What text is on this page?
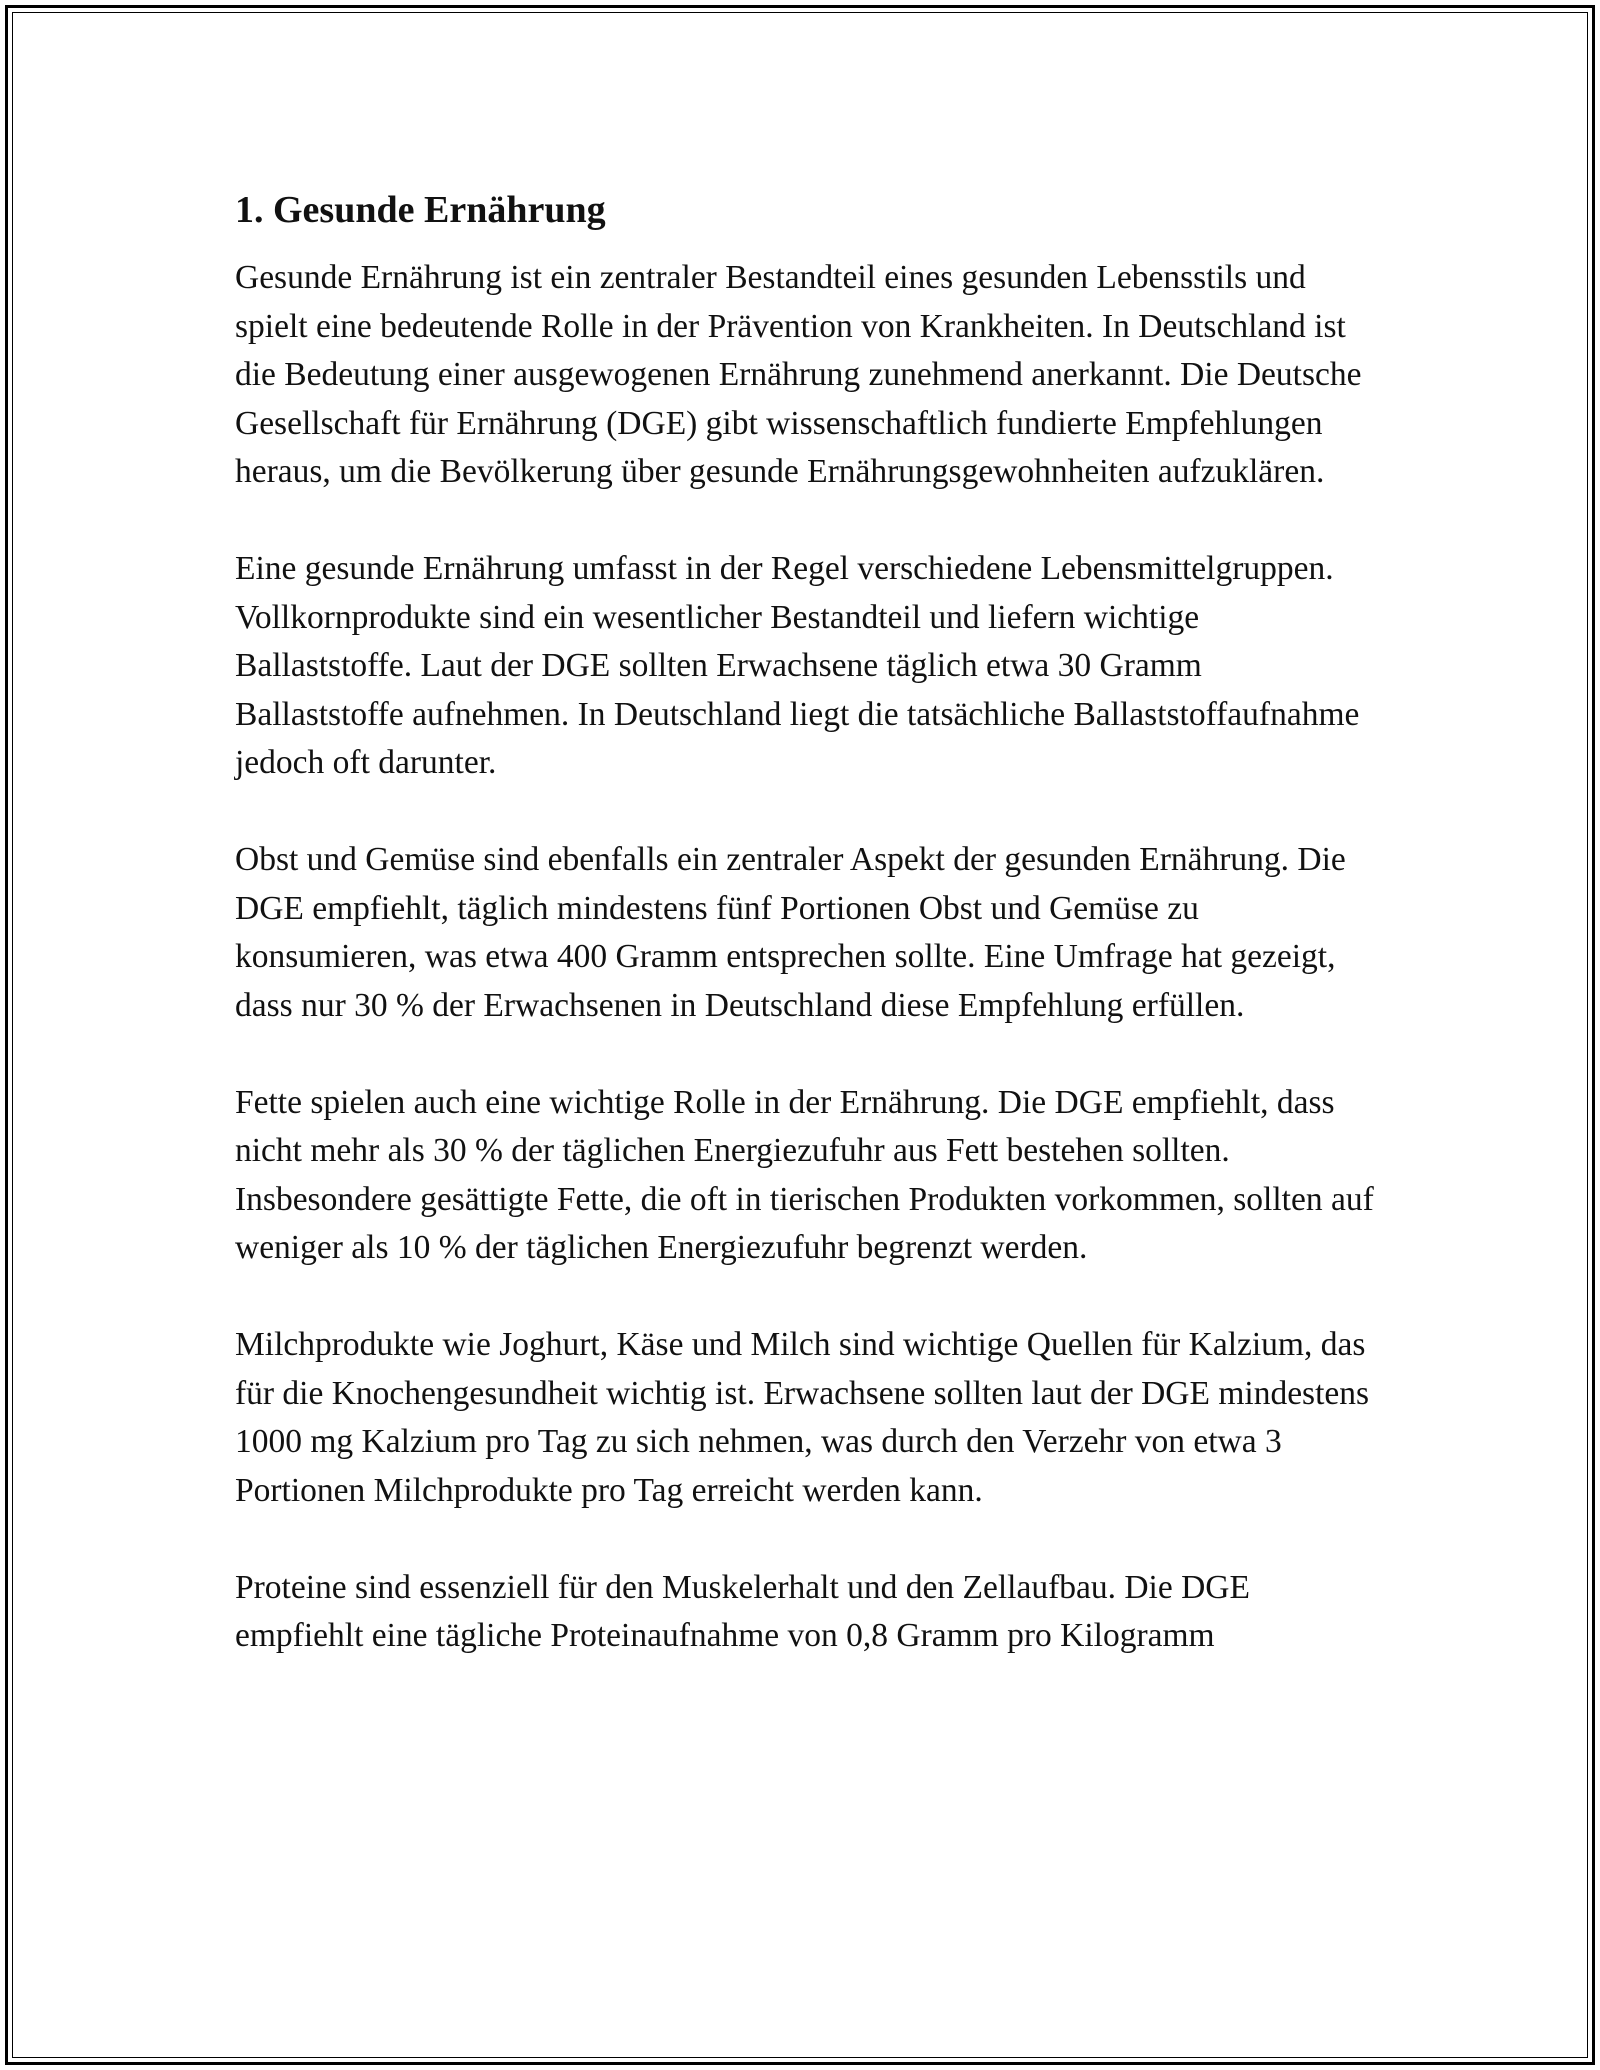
1. Gesunde Ernährung

Gesunde Ernährung ist ein zentraler Bestandteil eines gesunden Lebensstils und spielt eine bedeutende Rolle in der Prävention von Krankheiten. In Deutschland ist die Bedeutung einer ausgewogenen Ernährung zunehmend anerkannt. Die Deutsche Gesellschaft für Ernährung (DGE) gibt wissenschaftlich fundierte Empfehlungen heraus, um die Bevölkerung über gesunde Ernährungsgewohnheiten aufzuklären.

Eine gesunde Ernährung umfasst in der Regel verschiedene Lebensmittelgruppen. Vollkornprodukte sind ein wesentlicher Bestandteil und liefern wichtige Ballaststoffe. Laut der DGE sollten Erwachsene täglich etwa 30 Gramm Ballaststoffe aufnehmen. In Deutschland liegt die tatsächliche Ballaststoffaufnahme jedoch oft darunter.

Obst und Gemüse sind ebenfalls ein zentraler Aspekt der gesunden Ernährung. Die DGE empfiehlt, täglich mindestens fünf Portionen Obst und Gemüse zu konsumieren, was etwa 400 Gramm entsprechen sollte. Eine Umfrage hat gezeigt, dass nur 30 % der Erwachsenen in Deutschland diese Empfehlung erfüllen.

Fette spielen auch eine wichtige Rolle in der Ernährung. Die DGE empfiehlt, dass nicht mehr als 30 % der täglichen Energiezufuhr aus Fett bestehen sollten. Insbesondere gesättigte Fette, die oft in tierischen Produkten vorkommen, sollten auf weniger als 10 % der täglichen Energiezufuhr begrenzt werden.

Milchprodukte wie Joghurt, Käse und Milch sind wichtige Quellen für Kalzium, das für die Knochengesundheit wichtig ist. Erwachsene sollten laut der DGE mindestens 1000 mg Kalzium pro Tag zu sich nehmen, was durch den Verzehr von etwa 3 Portionen Milchprodukte pro Tag erreicht werden kann.

Proteine sind essenziell für den Muskelerhalt und den Zellaufbau. Die DGE empfiehlt eine tägliche Proteinaufnahme von 0,8 Gramm pro Kilogramm
